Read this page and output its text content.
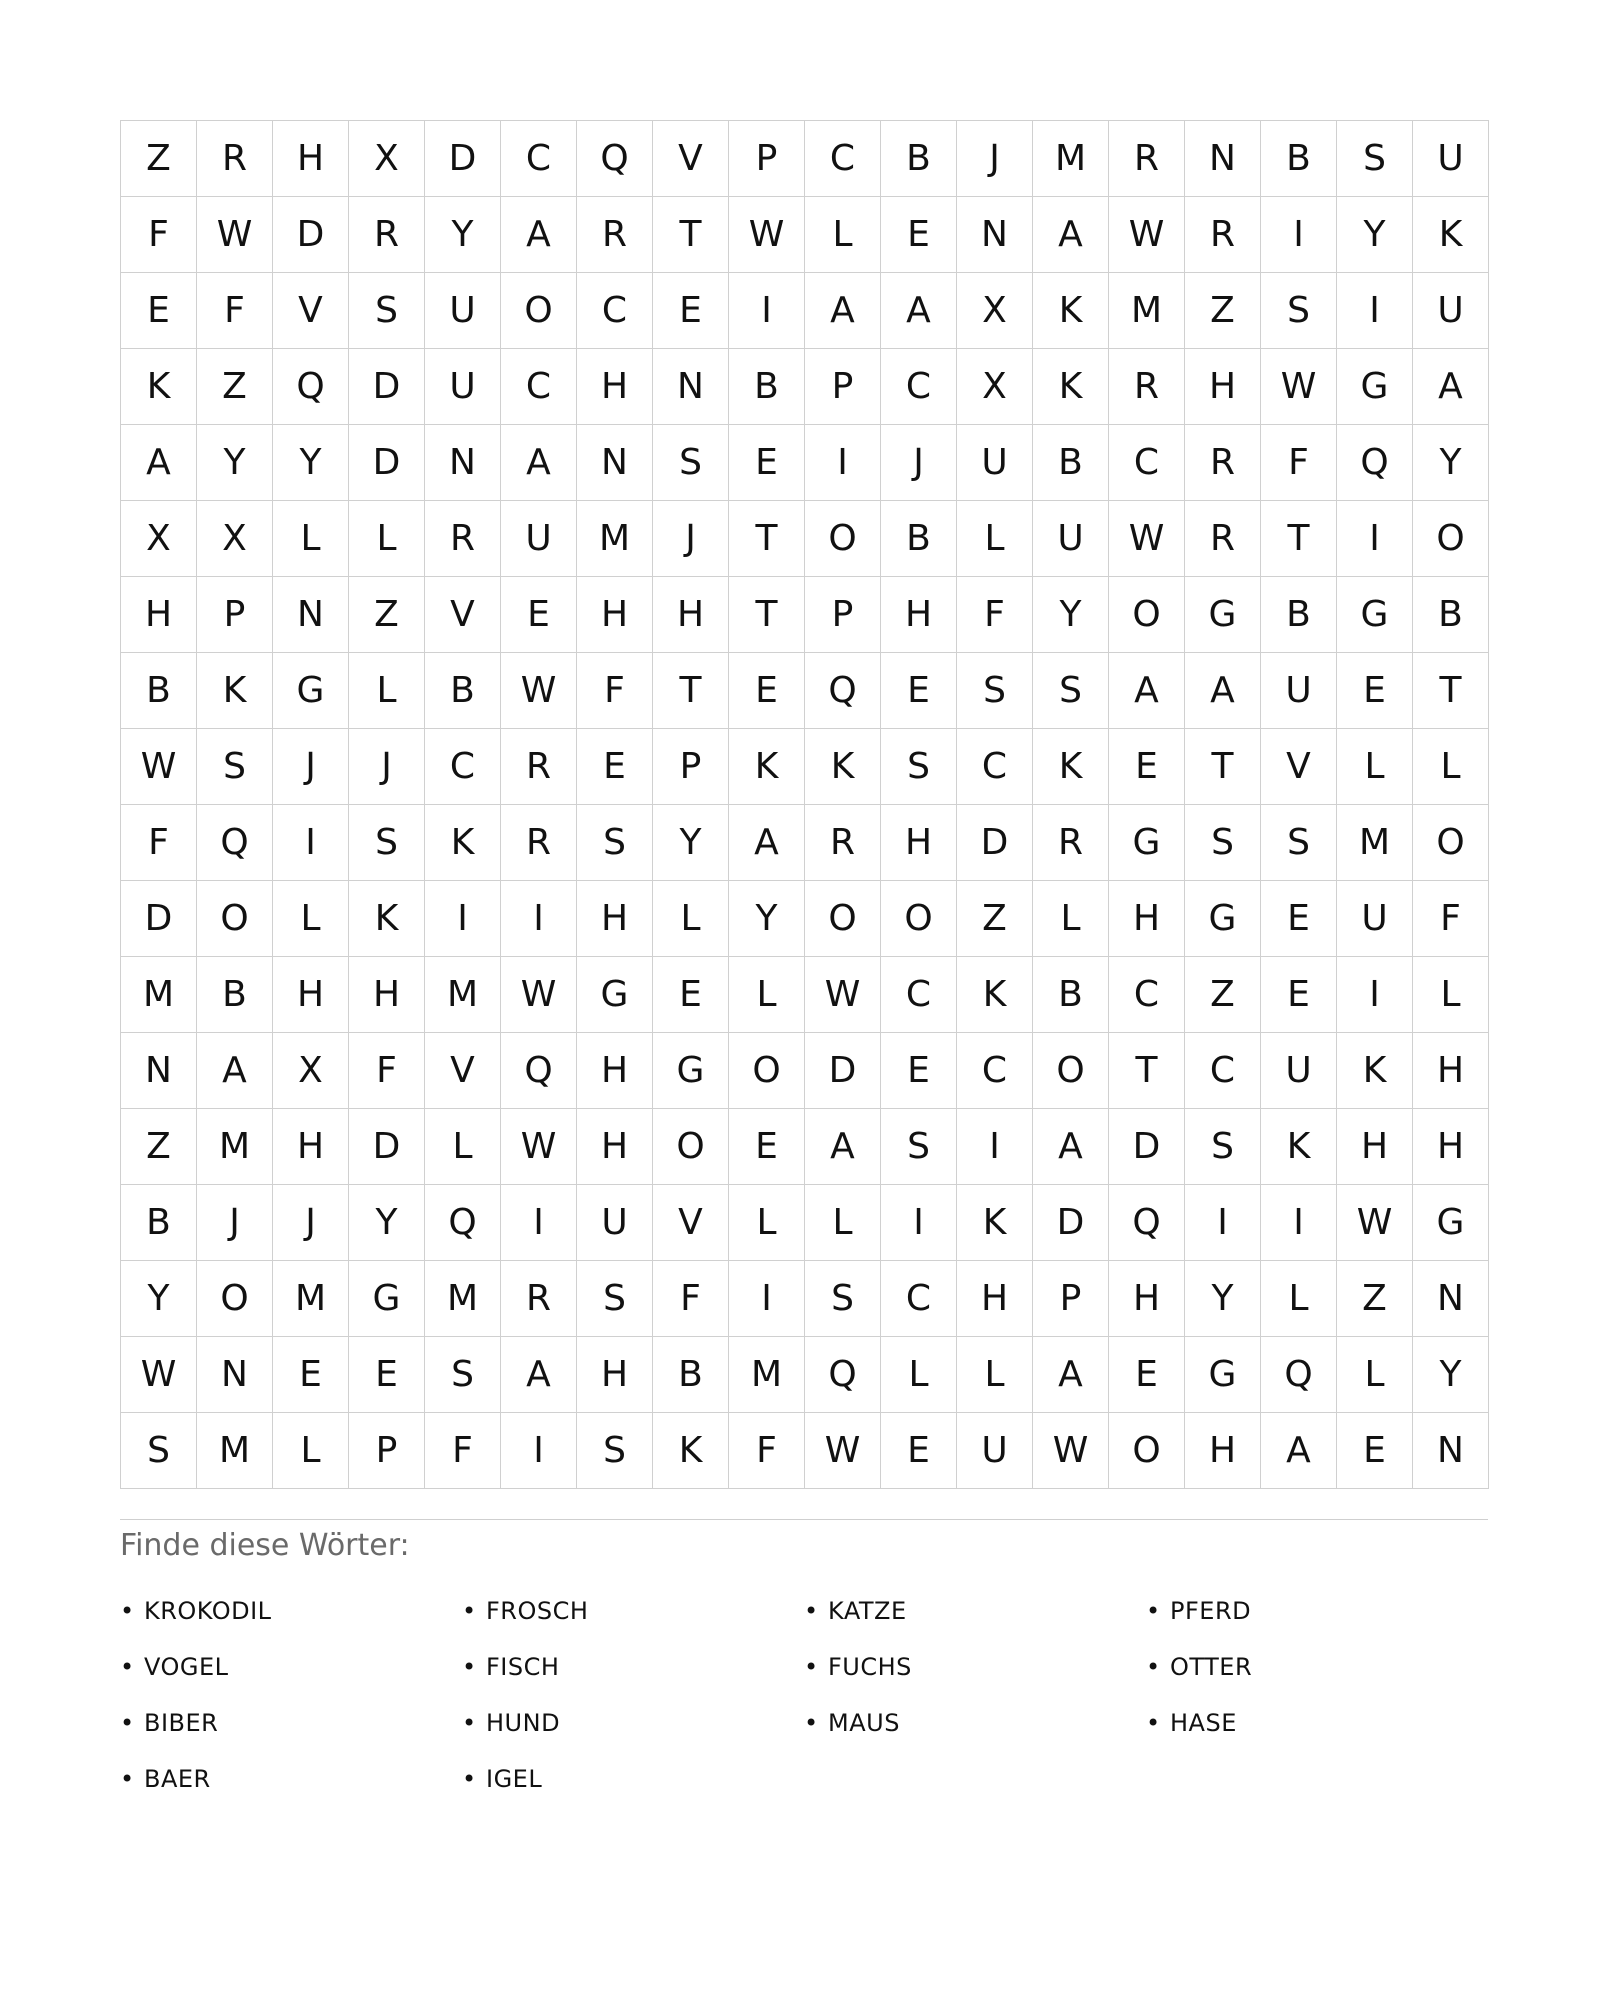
Z	R	H	X	D	C	Q	V	P	C	B	J	M	R	N	B	S	U
F	W	D	R	Y	A	R	T	W	L	E	N	A	W	R	I	Y	K
E	F	V	S	U	O	C	E	I	A	A	X	K	M	Z	S	I	U
K	Z	Q	D	U	C	H	N	B	P	C	X	K	R	H	W	G	A
A	Y	Y	D	N	A	N	S	E	I	J	U	B	C	R	F	Q	Y
X	X	L	L	R	U	M	J	T	O	B	L	U	W	R	T	I	O
H	P	N	Z	V	E	H	H	T	P	H	F	Y	O	G	B	G	B
B	K	G	L	B	W	F	T	E	Q	E	S	S	A	A	U	E	T
W	S	J	J	C	R	E	P	K	K	S	C	K	E	T	V	L	L
F	Q	I	S	K	R	S	Y	A	R	H	D	R	G	S	S	M	O
D	O	L	K	I	I	H	L	Y	O	O	Z	L	H	G	E	U	F
M	B	H	H	M	W	G	E	L	W	C	K	B	C	Z	E	I	L
N	A	X	F	V	Q	H	G	O	D	E	C	O	T	C	U	K	H
Z	M	H	D	L	W	H	O	E	A	S	I	A	D	S	K	H	H
B	J	J	Y	Q	I	U	V	L	L	I	K	D	Q	I	I	W	G
Y	O	M	G	M	R	S	F	I	S	C	H	P	H	Y	L	Z	N
W	N	E	E	S	A	H	B	M	Q	L	L	A	E	G	Q	L	Y
S	M	L	P	F	I	S	K	F	W	E	U	W	O	H	A	E	N
Finde diese Wörter:
• KROKODIL	• FROSCH	• KATZE	• PFERD
• VOGEL	• FISCH	• FUCHS	• OTTER
• BIBER	• HUND	• MAUS	• HASE
• BAER	• IGEL
